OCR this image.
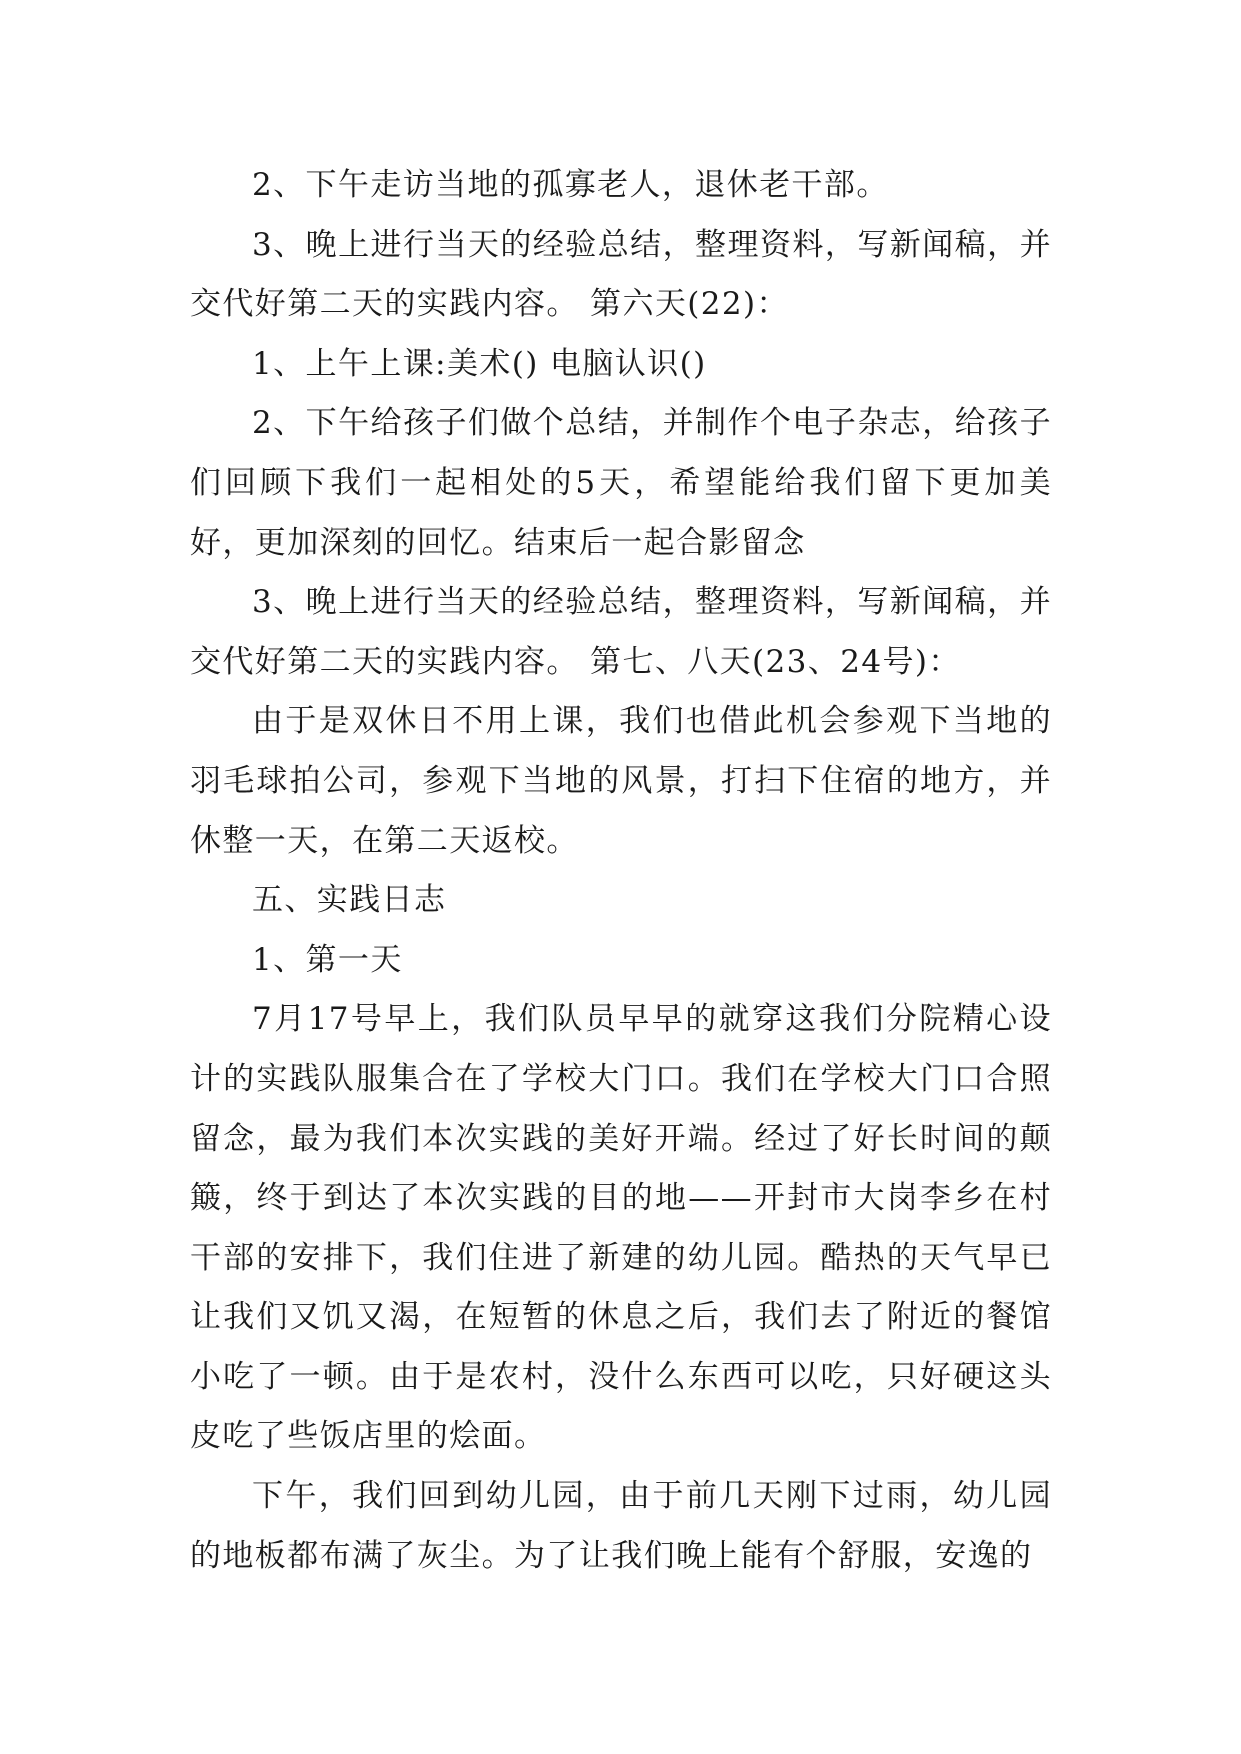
2、下午走访当地的孤寡老人，退休老干部。

3、晚上进行当天的经验总结，整理资料，写新闻稿，并交代好第二天的实践内容。 第六天(22)：

1、上午上课:美术() 电脑认识()

2、下午给孩子们做个总结，并制作个电子杂志，给孩子们回顾下我们一起相处的5天，希望能给我们留下更加美好，更加深刻的回忆。结束后一起合影留念

3、晚上进行当天的经验总结，整理资料，写新闻稿，并交代好第二天的实践内容。 第七、八天(23、24号)：

由于是双休日不用上课，我们也借此机会参观下当地的羽毛球拍公司，参观下当地的风景，打扫下住宿的地方，并休整一天，在第二天返校。

五、实践日志

1、第一天

7月17号早上，我们队员早早的就穿这我们分院精心设计的实践队服集合在了学校大门口。我们在学校大门口合照留念，最为我们本次实践的美好开端。经过了好长时间的颠簸，终于到达了本次实践的目的地——开封市大岗李乡在村干部的安排下，我们住进了新建的幼儿园。酷热的天气早已让我们又饥又渴，在短暂的休息之后，我们去了附近的餐馆小吃了一顿。由于是农村，没什么东西可以吃，只好硬这头皮吃了些饭店里的烩面。

下午，我们回到幼儿园，由于前几天刚下过雨，幼儿园的地板都布满了灰尘。为了让我们晚上能有个舒服，安逸的
